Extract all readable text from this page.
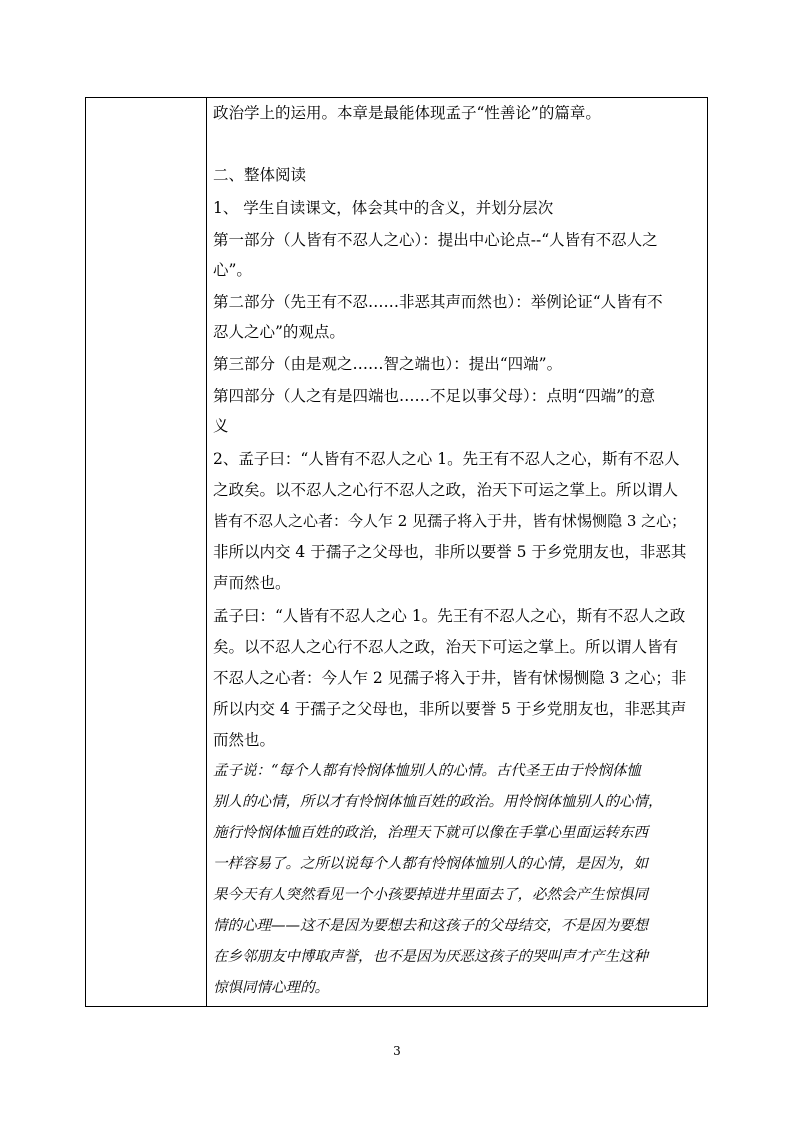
政治学上的运用。本章是最能体现孟子“性善论”的篇章。
二、整体阅读
1、 学生自读课文，体会其中的含义，并划分层次
第一部分（人皆有不忍人之心）：提出中心论点--“人皆有不忍人之
心”。
第二部分（先王有不忍……非恶其声而然也）：举例论证“人皆有不
忍人之心”的观点。
第三部分（由是观之……智之端也）：提出“四端”。
第四部分（人之有是四端也……不足以事父母）：点明“四端”的意
义
2、孟子曰：“人皆有不忍人之心 1。先王有不忍人之心，斯有不忍人
之政矣。以不忍人之心行不忍人之政，治天下可运之掌上。所以谓人
皆有不忍人之心者：今人乍 2 见孺子将入于井，皆有怵惕恻隐 3 之心；
非所以内交 4 于孺子之父母也，非所以要誉 5 于乡党朋友也，非恶其
声而然也。
孟子曰：“人皆有不忍人之心 1。先王有不忍人之心，斯有不忍人之政
矣。以不忍人之心行不忍人之政，治天下可运之掌上。所以谓人皆有
不忍人之心者：今人乍 2 见孺子将入于井，皆有怵惕恻隐 3 之心；非
所以内交 4 于孺子之父母也，非所以要誉 5 于乡党朋友也，非恶其声
而然也。
孟子说：“每个人都有怜悯体恤别人的心情。古代圣王由于怜悯体恤
别人的心情，所以才有怜悯体恤百姓的政治。用怜悯体恤别人的心情，
施行怜悯体恤百姓的政治，治理天下就可以像在手掌心里面运转东西
一样容易了。之所以说每个人都有怜悯体恤别人的心情，是因为，如
果今天有人突然看见一个小孩要掉进井里面去了，必然会产生惊惧同
情的心理——这不是因为要想去和这孩子的父母结交，不是因为要想
在乡邻朋友中博取声誉，也不是因为厌恶这孩子的哭叫声才产生这种
惊惧同情心理的。
3
